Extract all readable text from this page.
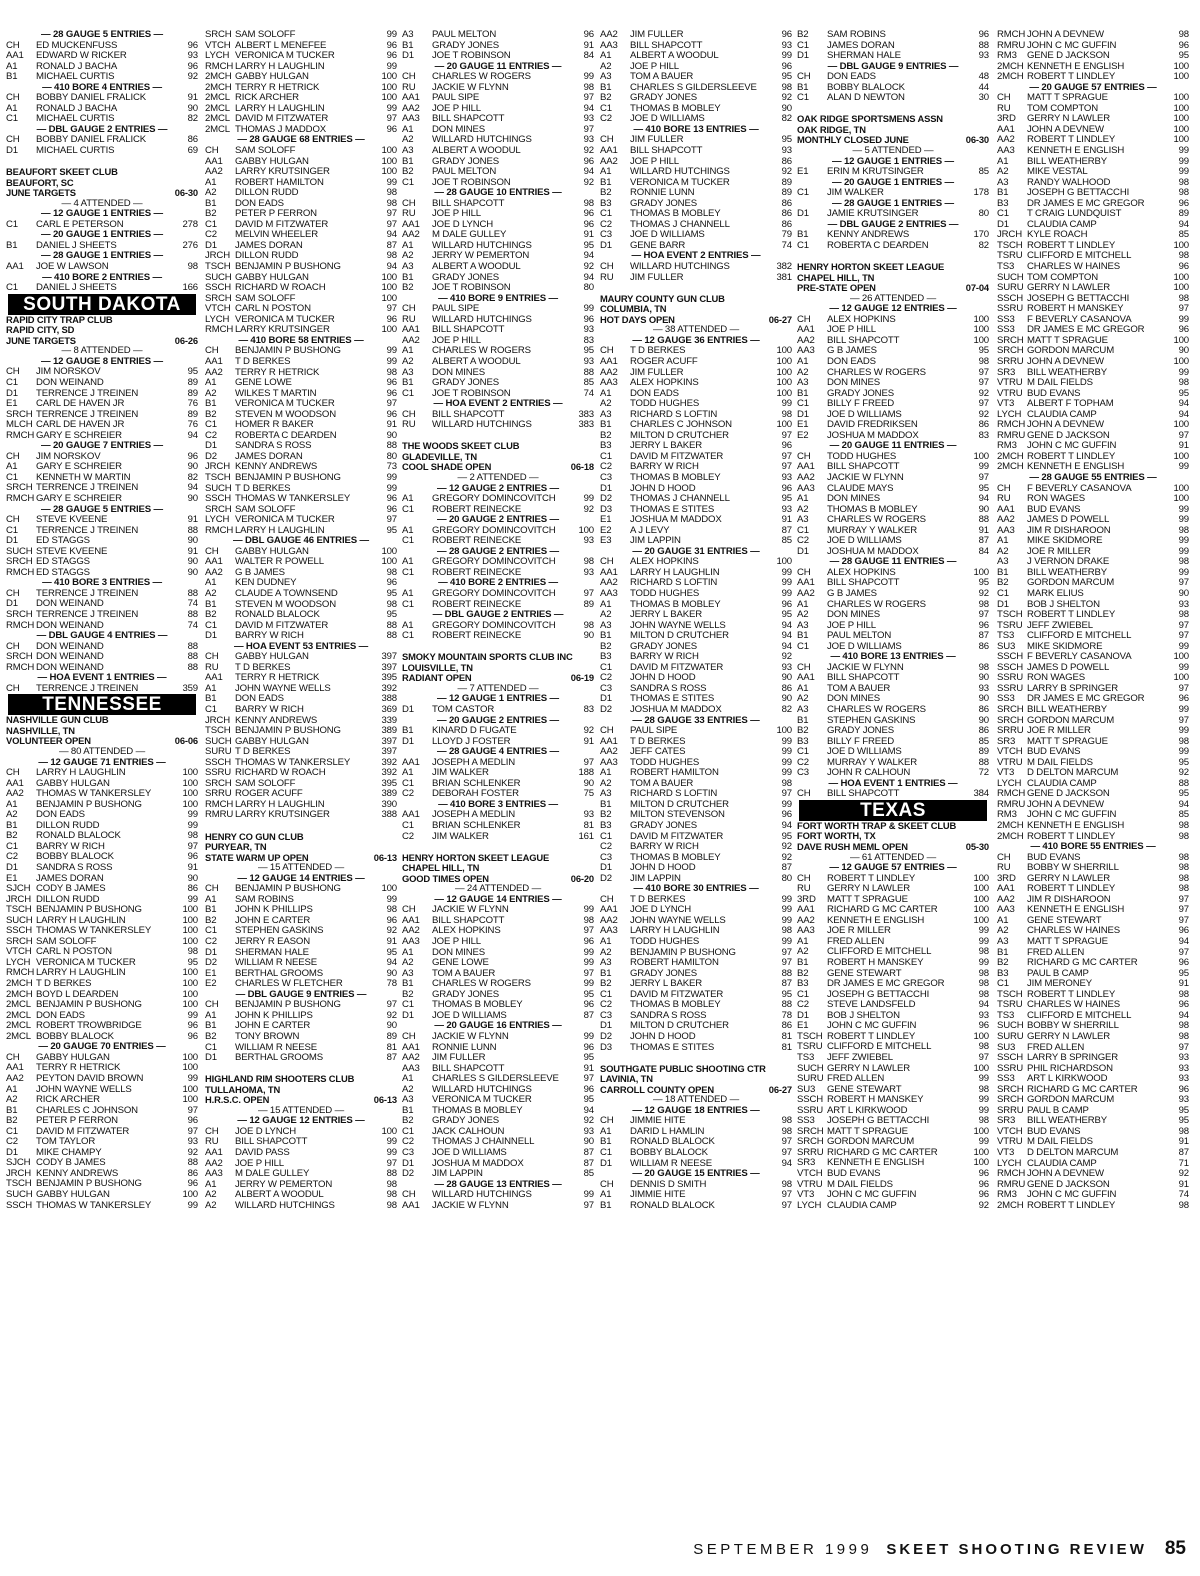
— 28 GAUGE 5 ENTRIES —
CH	ED MUCKENFUSS	96
AA1	EDWARD W RICKER	93
A1	RONALD J BACHA	96
B1	MICHAEL CURTIS	92
— 410 BORE 4 ENTRIES —
CH	BOBBY DANIEL FRALICK	91
A1	RONALD J BACHA	90
C1	MICHAEL CURTIS	82
— DBL GAUGE 2 ENTRIES —
CH	BOBBY DANIEL FRALICK	86
D1	MICHAEL CURTIS	69
BEAUFORT SKEET CLUB
BEAUFORT, SC
JUNE TARGETS	06-30
— 4 ATTENDED —
— 12 GAUGE 1 ENTRIES —
C1	CARL E PETERSON	278
— 20 GAUGE 1 ENTRIES —
B1	DANIEL J SHEETS	276
— 28 GAUGE 1 ENTRIES —
AA1	JOE W LAWSON	98
— 410 BORE 2 ENTRIES —
C1	DANIEL J SHEETS	166
SOUTH DAKOTA
RAPID CITY TRAP CLUB
RAPID CITY, SD
JUNE TARGETS	06-26
— 8 ATTENDED —
— 12 GAUGE 8 ENTRIES —
CH	JIM NORSKOV	95
C1	DON WEINAND	89
D1	TERRENCE J TREINEN	89
E1	CARL DE HAVEN JR	76
SRCH TERRENCE J TREINEN	89
MLCH CARL DE HAVEN JR	76
RMCH GARY E SCHREIER	94
— 20 GAUGE 7 ENTRIES —
CH	JIM NORSKOV	96
A1	GARY E SCHREIER	90
C1	KENNETH W MARTIN	82
SRCH TERRENCE J TREINEN	94
RMCH GARY E SCHREIER	90
— 28 GAUGE 5 ENTRIES —
CH	STEVE KVEENE	91
C1	TERRENCE J TREINEN	88
D1	ED STAGGS	90
SUCH STEVE KVEENE	91
SRCH ED STAGGS	90
RMCH ED STAGGS	90
— 410 BORE 3 ENTRIES —
CH	TERRENCE J TREINEN	88
D1	DON WEINAND	74
SRCH TERRENCE J TREINEN	88
RMCH DON WEINAND	74
— DBL GAUGE 4 ENTRIES —
CH	DON WEINAND	88
SRCH DON WEINAND	88
RMCH DON WEINAND	88
— HOA EVENT 1 ENTRIES —
CH	TERRENCE J TREINEN	359
TENNESSEE
NASHVILLE GUN CLUB
NASHVILLE, TN
VOLUNTEER OPEN	06-06
— 80 ATTENDED —
— 12 GAUGE 71 ENTRIES —
CH	LARRY H LAUGHLIN	100
AA1	GABBY HULGAN	100
AA2	THOMAS W TANKERSLEY	100
A1	BENJAMIN P BUSHONG	100
A2	DON EADS	99
B1	DILLON RUDD	99
B2	RONALD BLALOCK	98
C1	BARRY W RICH	97
C2	BOBBY BLALOCK	96
D1	SANDRA S ROSS	91
E1	JAMES DORAN	90
SJCH CODY B JAMES	86
JRCH DILLON RUDD	99
TSCH BENJAMIN P BUSHONG	100
SUCH LARRY H LAUGHLIN	100
SSCH THOMAS W TANKERSLEY	100
SRCH SAM SOLOFF	100
VTCH CARL N POSTON	98
LYCH VERONICA M TUCKER	95
RMCH LARRY H LAUGHLIN	100
2MCH T D BERKES	100
2MCH BOYD L DEARDEN	100
2MCL BENJAMIN P BUSHONG	100
2MCL DON EADS	99
2MCL ROBERT TROWBRIDGE	96
2MCL BOBBY BLALOCK	96
— 20 GAUGE 70 ENTRIES —
CH	GABBY HULGAN	100
AA1	TERRY R HETRICK	100
AA2	PEYTON DAVID BROWN	99
A1	JOHN WAYNE WELLS	100
A2	RICK ARCHER	100
B1	CHARLES C JOHNSON	97
B2	PETER P FERRON	96
C1	DAVID M FITZWATER	97
C2	TOM TAYLOR	93
D1	MIKE CHAMPY	92
SJCH CODY B JAMES	88
JRCH KENNY ANDREWS	86
TSCH BENJAMIN P BUSHONG	96
SUCH GABBY HULGAN	100
SSCH THOMAS W TANKERSLEY	99
SRCH SAM SOLOFF	99
VTCH ALBERT L MENEFEE	96
LYCH VERONICA M TUCKER	96
RMCH LARRY H LAUGHLIN	99
2MCH GABBY HULGAN	100
2MCH TERRY R HETRICK	100
2MCL RICK ARCHER	100
2MCL LARRY H LAUGHLIN	99
2MCL DAVID M FITZWATER	97
2MCL THOMAS J MADDOX	96
— 28 GAUGE 68 ENTRIES —
CH	SAM SOLOFF	100
AA1	GABBY HULGAN	100
AA2	LARRY KRUTSINGER	100
A1	ROBERT HAMILTON	99
A2	DILLON RUDD	98
B1	DON EADS	98
B2	PETER P FERRON	97
C1	DAVID M FITZWATER	97
C2	MELVIN WHEELER	94
D1	JAMES DORAN	87
JRCH DILLON RUDD	98
TSCH BENJAMIN P BUSHONG	94
SUCH GABBY HULGAN	100
SSCH RICHARD W ROACH	100
SRCH SAM SOLOFF	100
VTCH CARL N POSTON	97
LYCH VERONICA M TUCKER	96
RMCH LARRY KRUTSINGER	100
— 410 BORE 58 ENTRIES —
CH	BENJAMIN P BUSHONG	99
AA1	T D BERKES	99
AA2	TERRY R HETRICK	98
A1	GENE LOWE	96
A2	WILKES T MARTIN	96
B1	VERONICA M TUCKER	97
B2	STEVEN M WOODSON	96
C1	HOMER R BAKER	91
C2	ROBERTA C DEARDEN	90
D1	SANDRA S ROSS	88
D2	JAMES DORAN	80
JRCH KENNY ANDREWS	73
TSCH BENJAMIN P BUSHONG	99
SUCH T D BERKES	99
SSCH THOMAS W TANKERSLEY	96
SRCH SAM SOLOFF	96
LYCH VERONICA M TUCKER	97
RMCH LARRY H LAUGHLIN	95
— DBL GAUGE 46 ENTRIES —
CH	GABBY HULGAN	100
AA1	WALTER R POWELL	100
AA2	G B JAMES	98
A1	KEN DUDNEY	96
A2	CLAUDE A TOWNSEND	95
B1	STEVEN M WOODSON	98
B2	RONALD BLALOCK	95
C1	DAVID M FITZWATER	88
D1	BARRY W RICH	88
— HOA EVENT 53 ENTRIES —
CH	GABBY HULGAN	397
RU	T D BERKES	397
AA1	TERRY R HETRICK	395
A1	JOHN WAYNE WELLS	392
B1	DON EADS	388
C1	BARRY W RICH	369
JRCH KENNY ANDREWS	339
TSCH BENJAMIN P BUSHONG	389
SUCH GABBY HULGAN	397
SURU T D BERKES	397
SSCH THOMAS W TANKERSLEY	392
SSRU RICHARD W ROACH	392
SRCH SAM SOLOFF	395
SRRU ROGER ACUFF	389
RMCH LARRY H LAUGHLIN	390
RMRU LARRY KRUTSINGER	388
HENRY CO GUN CLUB
PURYEAR, TN
STATE WARM UP OPEN	06-13
— 15 ATTENDED —
— 12 GAUGE 14 ENTRIES —
CH	BENJAMIN P BUSHONG	100
A1	SAM ROBINS	99
B1	JOHN K PHILLIPS	98
B2	JOHN E CARTER	96
C1	STEPHEN GASKINS	92
C2	JERRY R EASON	91
D1	SHERMAN HALE	95
D2	WILLIAM R NEESE	94
E1	BERTHAL GROOMS	90
E2	CHARLES W FLETCHER	78
— DBL GAUGE 9 ENTRIES —
CH	BENJAMIN P BUSHONG	97
A1	JOHN K PHILLIPS	92
B1	JOHN E CARTER	90
B2	TONY BROWN	89
C1	WILLIAM R NEESE	81
D1	BERTHAL GROOMS	87
HIGHLAND RIM SHOOTERS CLUB
TULLAHOMA, TN
H.R.S.C. OPEN	06-13
— 15 ATTENDED —
— 12 GAUGE 12 ENTRIES —
CH	JOE D LYNCH	100
RU	BILL SHAPCOTT	99
AA1	DAVID PASS	99
AA2	JOE P HILL	97
AA3	M DALE GULLEY	88
A1	JERRY W PEMERTON	98
A2	ALBERT A WOODUL	98
A2	WILLARD HUTCHINGS	98
A3	PAUL MELTON	96
B1	GRADY JONES	91
D1	JOE T ROBINSON	84
— 20 GAUGE 11 ENTRIES —
CH	CHARLES W ROGERS	99
RU	JACKIE W FLYNN	98
AA1	PAUL SIPE	97
AA2	JOE P HILL	94
AA3	BILL SHAPCOTT	93
A1	DON MINES	97
A2	WILLARD HUTCHINGS	93
A3	ALBERT A WOODUL	92
B1	GRADY JONES	96
B2	PAUL MELTON	94
C1	JOE T ROBINSON	92
— 28 GAUGE 10 ENTRIES —
CH	BILL SHAPCOTT	98
RU	JOE P HILL	96
AA1	JOE D LYNCH	96
AA2	M DALE GULLEY	91
A1	WILLARD HUTCHINGS	95
A2	JERRY W PEMERTON	94
A3	ALBERT A WOODUL	92
B1	GRADY JONES	94
B2	JOE T ROBINSON	80
— 410 BORE 9 ENTRIES —
CH	PAUL SIPE	99
RU	WILLARD HUTCHINGS	96
AA1	BILL SHAPCOTT	93
AA2	JOE P HILL	83
A1	CHARLES W ROGERS	95
A2	ALBERT A WOODUL	93
A3	DON MINES	88
B1	GRADY JONES	85
C1	JOE T ROBINSON	74
— HOA EVENT 2 ENTRIES —
CH	BILL SHAPCOTT	383
RU	WILLARD HUTCHINGS	383
THE WOODS SKEET CLUB
GLADEVILLE, TN
COOL SHADE OPEN	06-18
— 2 ATTENDED —
— 12 GAUGE 2 ENTRIES —
A1	GREGORY DOMINCOVITCH	99
C1	ROBERT REINECKE	92
— 20 GAUGE 2 ENTRIES —
A1	GREGORY DOMINCOVITCH	100
C1	ROBERT REINECKE	93
— 28 GAUGE 2 ENTRIES —
A1	GREGORY DOMINCOVITCH	98
C1	ROBERT REINECKE	93
— 410 BORE 2 ENTRIES —
A1	GREGORY DOMINCOVITCH	97
C1	ROBERT REINECKE	89
— DBL GAUGE 2 ENTRIES —
A1	GREGORY DOMINCOVITCH	98
C1	ROBERT REINECKE	90
SMOKY MOUNTAIN SPORTS CLUB INC
LOUISVILLE, TN
RADIANT OPEN	06-19
— 7 ATTENDED —
— 12 GAUGE 1 ENTRIES —
D1	TOM CASTOR	83
— 20 GAUGE 2 ENTRIES —
B1	KINARD D FUGATE	92
D1	LLOYD J FOSTER	91
— 28 GAUGE 4 ENTRIES —
AA1	JOSEPH A MEDLIN	97
A1	JIM WALKER	188
C1	BRIAN SCHLENKER	90
C2	DEBORAH FOSTER	75
— 410 BORE 3 ENTRIES —
AA1	JOSEPH A MEDLIN	93
C1	BRIAN SCHLENKER	81
C2	JIM WALKER	161
HENRY HORTON SKEET LEAGUE
CHAPEL HILL, TN
GOOD TIMES OPEN	06-20
— 24 ATTENDED —
— 12 GAUGE 14 ENTRIES —
CH	JACKIE W FLYNN	99
AA1	BILL SHAPCOTT	98
AA2	ALEX HOPKINS	97
AA3	JOE P HILL	96
A1	DON MINES	99
A2	GENE LOWE	99
A3	TOM A BAUER	97
B1	CHARLES W ROGERS	99
B2	GRADY JONES	95
C1	THOMAS B MOBLEY	96
D1	JOE D WILLIAMS	87
— 20 GAUGE 16 ENTRIES —
CH	JACKIE W FLYNN	99
AA1	RONNIE LUNN	96
AA2	JIM FULLER	95
AA3	BILL SHAPCOTT	91
A1	CHARLES S GILDERSLEEVE	97
A2	WILLARD HUTCHINGS	96
A3	VERONICA M TUCKER	95
B1	THOMAS B MOBLEY	94
B2	GRADY JONES	92
C1	JACK CALHOUN	93
C2	THOMAS J CHAINNELL	90
C3	JOE D WILLIAMS	87
D1	JOSHUA M MADDOX	87
D2	JIM LAPPIN	85
— 28 GAUGE 13 ENTRIES —
CH	WILLARD HUTCHINGS	99
AA1	JACKIE W FLYNN	97
AA2	JIM FULLER	96
AA3	BILL SHAPCOTT	93
A1	ALBERT A WOODUL	99
A2	JOE P HILL	96
A3	TOM A BAUER	95
B1	CHARLES S GILDERSLEEVE	98
B2	GRADY JONES	92
C1	THOMAS B MOBLEY	90
C2	JOE D WILLIAMS	82
— 410 BORE 13 ENTRIES —
CH	JIM FULLER	95
AA1	BILL SHAPCOTT	93
AA2	JOE P HILL	86
A1	WILLARD HUTCHINGS	92
B1	VERONICA M TUCKER	89
B2	RONNIE LUNN	89
B3	GRADY JONES	86
C1	THOMAS B MOBLEY	86
C2	THOMAS J CHANNELL	86
C3	JOE D WILLIAMS	79
D1	GENE BARR	74
— HOA EVENT 2 ENTRIES —
CH	WILLARD HUTCHINGS	382
RU	JIM FULLER	381
MAURY COUNTY GUN CLUB
COLUMBIA, TN
HOT DAYS OPEN	06-27
— 38 ATTENDED —
— 12 GAUGE 36 ENTRIES —
CH	T D BERKES	100
AA1	ROGER ACUFF	100
AA2	JIM FULLER	100
AA3	ALEX HOPKINS	100
A1	DON EADS	100
A2	TODD HUGHES	99
A3	RICHARD S LOFTIN	98
B1	CHARLES C JOHNSON	100
B2	MILTON D CRUTCHER	97
B3	JERRY L BAKER	96
C1	DAVID M FITZWATER	97
C2	BARRY W RICH	97
C3	THOMAS B MOBLEY	93
D1	JOHN D HOOD	96
D2	THOMAS J CHANNELL	95
D3	THOMAS E STITES	93
E1	JOSHUA M MADDOX	91
E2	A J LEVY	87
E3	JIM LAPPIN	85
— 20 GAUGE 31 ENTRIES —
CH	ALEX HOPKINS	100
AA1	LARRY H LAUGHLIN	99
AA2	RICHARD S LOFTIN	99
AA3	TODD HUGHES	99
A1	THOMAS B MOBLEY	96
A2	JERRY L BAKER	95
A3	JOHN WAYNE WELLS	94
B1	MILTON D CRUTCHER	94
B2	GRADY JONES	94
B3	BARRY W RICH	92
C1	DAVID M FITZWATER	93
C2	JOHN D HOOD	90
C3	SANDRA S ROSS	86
D1	THOMAS E STITES	90
D2	JOSHUA M MADDOX	82
— 28 GAUGE 33 ENTRIES —
CH	PAUL SIPE	100
AA1	T D BERKES	99
AA2	JEFF CATES	99
AA3	TODD HUGHES	99
A1	ROBERT HAMILTON	99
A2	TOM A BAUER	98
A3	RICHARD S LOFTIN	97
B1	MILTON D CRUTCHER	99
B2	MILTON STEVENSON	96
B3	GRADY JONES	94
C1	DAVID M FITZWATER	95
C2	BARRY W RICH	92
C3	THOMAS B MOBLEY	92
D1	JOHN D HOOD	87
D2	JIM LAPPIN	80
— 410 BORE 30 ENTRIES —
CH	T D BERKES	99
AA1	JOE D LYNCH	99
AA2	JOHN WAYNE WELLS	99
AA3	LARRY H LAUGHLIN	98
A1	TODD HUGHES	99
A2	BENJAMIN P BUSHONG	97
A3	ROBERT HAMILTON	97
B1	GRADY JONES	88
B2	JERRY L BAKER	87
C1	DAVID M FITZWATER	95
C2	THOMAS B MOBLEY	88
C3	SANDRA S ROSS	78
D1	MILTON D CRUTCHER	86
D2	JOHN D HOOD	81
D3	THOMAS E STITES	81
SOUTHGATE PUBLIC SHOOTING CTR
LAVINIA, TN
CARROLL COUNTY OPEN	06-27
— 18 ATTENDED —
— 12 GAUGE 18 ENTRIES —
CH	JIMMIE HITE	98
A1	DARID L HAMLIN	98
B1	RONALD BLALOCK	97
C1	BOBBY BLALOCK	97
D1	WILLIAM R NEESE	94
— 20 GAUGE 15 ENTRIES —
CH	DENNIS D SMITH	98
A1	JIMMIE HITE	97
B1	RONALD BLALOCK	97
B2	SAM ROBINS	96
C1	JAMES DORAN	88
D1	SHERMAN HALE	93
— DBL GAUGE 9 ENTRIES —
CH	DON EADS	48
B1	BOBBY BLALOCK	44
C1	ALAN D NEWTON	30
OAK RIDGE SPORTSMENS ASSN
OAK RIDGE, TN
MONTHLY CLOSED JUNE	06-30
— 5 ATTENDED —
— 12 GAUGE 1 ENTRIES —
E1	ERIN M KRUTSINGER	85
— 20 GAUGE 1 ENTRIES —
C1	JIM WALKER	178
— 28 GAUGE 1 ENTRIES —
D1	JAMIE KRUTSINGER	80
— DBL GAUGE 2 ENTRIES —
B1	KENNY ANDREWS	170
C1	ROBERTA C DEARDEN	82
HENRY HORTON SKEET LEAGUE
CHAPEL HILL, TN
PRE-STATE OPEN	07-04
— 26 ATTENDED —
— 12 GAUGE 12 ENTRIES —
CH	ALEX HOPKINS	100
AA1	JOE P HILL	100
AA2	BILL SHAPCOTT	100
AA3	G B JAMES	95
A1	DON EADS	98
A2	CHARLES W ROGERS	97
A3	DON MINES	97
B1	GRADY JONES	92
C1	BILLY F FREED	97
D1	JOE D WILLIAMS	92
E1	DAVID FREDRIKSEN	86
E2	JOSHUA M MADDOX	83
— 20 GAUGE 11 ENTRIES —
CH	TODD HUGHES	100
AA1	BILL SHAPCOTT	99
AA2	JACKIE W FLYNN	97
AA3	CLAUDE MAYS	95
A1	DON MINES	94
A2	THOMAS B MOBLEY	90
A3	CHARLES W ROGERS	88
C1	MURRAY Y WALKER	91
C2	JOE D WILLIAMS	87
D1	JOSHUA M MADDOX	84
— 28 GAUGE 11 ENTRIES —
CH	ALEX HOPKINS	100
AA1	BILL SHAPCOTT	95
AA2	G B JAMES	92
A1	CHARLES W ROGERS	98
A2	DON MINES	97
A3	JOE P HILL	96
B1	PAUL MELTON	87
C1	JOE D WILLIAMS	86
— 410 BORE 13 ENTRIES —
CH	JACKIE W FLYNN	98
AA1	BILL SHAPCOTT	90
A1	TOM A BAUER	93
A2	DON MINES	90
A3	CHARLES W ROGERS	86
B1	STEPHEN GASKINS	90
B2	GRADY JONES	86
B3	BILLY F FREED	85
C1	JOE D WILLIAMS	89
C2	MURRAY Y WALKER	88
C3	JOHN R CALHOUN	72
— HOA EVENT 1 ENTRIES —
CH	BILL SHAPCOTT	384
TEXAS
FORT WORTH TRAP & SKEET CLUB
FORT WORTH, TX
DAVE RUSH MEML OPEN	05-30
— 61 ATTENDED —
— 12 GAUGE 57 ENTRIES —
CH	ROBERT T LINDLEY	100
RU	GERRY N LAWLER	100
3RD	MATT T SPRAGUE	100
AA1	RICHARD G MC CARTER	100
AA2	KENNETH E ENGLISH	100
AA3	JOE R MILLER	99
A1	FRED ALLEN	99
A2	CLIFFORD E MITCHELL	98
B1	ROBERT H MANSKEY	99
B2	GENE STEWART	98
B3	DR JAMES E MC GREGOR	98
C1	JOSEPH G BETTACCHI	98
C2	STEVE LANDSFELD	94
D1	BOB J SHELTON	93
E1	JOHN C MC GUFFIN	96
TSCH ROBERT T LINDLEY	100
TSRU CLIFFORD E MITCHELL	98
TS3	JEFF ZWIEBEL	97
SUCH GERRY N LAWLER	100
SURU FRED ALLEN	99
SU3	GENE STEWART	98
SSCH ROBERT H MANSKEY	99
SSRU ART L KIRKWOOD	99
SS3	JOSEPH G BETTACCHI	98
SRCH MATT T SPRAGUE	100
SRCH GORDON MARCUM	99
SRRU RICHARD G MC CARTER	100
SR3	KENNETH E ENGLISH	100
VTCH BUD EVANS	96
VTRU M DAIL FIELDS	96
VT3	JOHN C MC GUFFIN	96
LYCH CLAUDIA CAMP	92
RMCH JOHN A DEVNEW	98
RMRU JOHN C MC GUFFIN	96
RM3	GENE D JACKSON	95
2MCH KENNETH E ENGLISH	100
2MCH ROBERT T LINDLEY	100
— 20 GAUGE 57 ENTRIES —
CH	MATT T SPRAGUE	100
RU	TOM COMPTON	100
3RD	GERRY N LAWLER	100
AA1	JOHN A DEVNEW	100
AA2	ROBERT T LINDLEY	100
AA3	KENNETH E ENGLISH	99
A1	BILL WEATHERBY	99
A2	MIKE VESTAL	99
A3	RANDY WALHOOD	98
B1	JOSEPH G BETTACCHI	98
B3	DR JAMES E MC GREGOR	96
C1	T CRAIG LUNDQUIST	89
D1	CLAUDIA CAMP	94
JRCH KYLE ROACH	85
TSCH ROBERT T LINDLEY	100
TSRU CLIFFORD E MITCHELL	98
TS3	CHARLES W HAINES	96
SUCH TOM COMPTON	100
SURU GERRY N LAWLER	100
SSCH JOSEPH G BETTACCHI	98
SSRU ROBERT H MANSKEY	97
SS3	F BEVERLY CASANOVA	99
SS3	DR JAMES E MC GREGOR	96
SRCH MATT T SPRAGUE	100
SRCH GORDON MARCUM	90
SRRU JOHN A DEVNEW	100
SR3	BILL WEATHERBY	99
VTRU M DAIL FIELDS	98
VTRU BUD EVANS	95
VT3	ALBERT F TOPHAM	94
LYCH CLAUDIA CAMP	94
RMCH JOHN A DEVNEW	100
RMRU GENE D JACKSON	97
RM3	JOHN C MC GUFFIN	91
2MCH ROBERT T LINDLEY	100
2MCH KENNETH E ENGLISH	99
— 28 GAUGE 55 ENTRIES —
CH	F BEVERLY CASANOVA	100
RU	RON WAGES	100
AA1	BUD EVANS	99
AA2	JAMES D POWELL	99
AA3	JIM R DISHAROON	98
A1	MIKE SKIDMORE	99
A2	JOE R MILLER	99
A3	J VERNON DRAKE	98
B1	BILL WEATHERBY	99
B2	GORDON MARCUM	97
C1	MARK ELIUS	90
D1	BOB J SHELTON	93
TSCH ROBERT T LINDLEY	98
TSRU JEFF ZWIEBEL	97
TS3	CLIFFORD E MITCHELL	97
SU3	MIKE SKIDMORE	99
SSCH F BEVERLY CASANOVA	100
SSCH JAMES D POWELL	99
SSRU RON WAGES	100
SSRU LARRY B SPRINGER	97
SS3	DR JAMES E MC GREGOR	96
SRCH BILL WEATHERBY	99
SRCH GORDON MARCUM	97
SRRU JOE R MILLER	99
SR3	MATT T SPRAGUE	98
VTCH BUD EVANS	99
VTRU M DAIL FIELDS	95
VT3	D DELTON MARCUM	92
LYCH CLAUDIA CAMP	88
RMCH GENE D JACKSON	95
RMRU JOHN A DEVNEW	94
RM3	JOHN C MC GUFFIN	85
2MCH KENNETH E ENGLISH	98
2MCH ROBERT T LINDLEY	98
— 410 BORE 55 ENTRIES —
CH	BUD EVANS	98
RU	BOBBY W SHERRILL	98
3RD	GERRY N LAWLER	98
AA1	ROBERT T LINDLEY	98
AA2	JIM R DISHAROON	97
AA3	KENNETH E ENGLISH	97
A1	GENE STEWART	97
A2	CHARLES W HAINES	96
A3	MATT T SPRAGUE	94
B1	FRED ALLEN	97
B2	RICHARD G MC CARTER	96
B3	PAUL B CAMP	95
C1	JIM MERONEY	91
TSCH ROBERT T LINDLEY	98
TSRU CHARLES W HAINES	96
TS3	CLIFFORD E MITCHELL	94
SUCH BOBBY W SHERRILL	98
SURU GERRY N LAWLER	98
SU3	FRED ALLEN	97
SSCH LARRY B SPRINGER	93
SSRU PHIL RICHARDSON	93
SS3	ART L KIRKWOOD	93
SRCH RICHARD G MC CARTER	96
SRCH GORDON MARCUM	93
SRRU PAUL B CAMP	95
SR3	BILL WEATHERBY	95
VTCH BUD EVANS	98
VTRU M DAIL FIELDS	91
VT3	D DELTON MARCUM	87
LYCH CLAUDIA CAMP	71
RMCH JOHN A DEVNEW	92
RMRU GENE D JACKSON	91
RM3	JOHN C MC GUFFIN	74
2MCH ROBERT T LINDLEY	98
SEPTEMBER 1999 SKEET SHOOTING REVIEW 85
